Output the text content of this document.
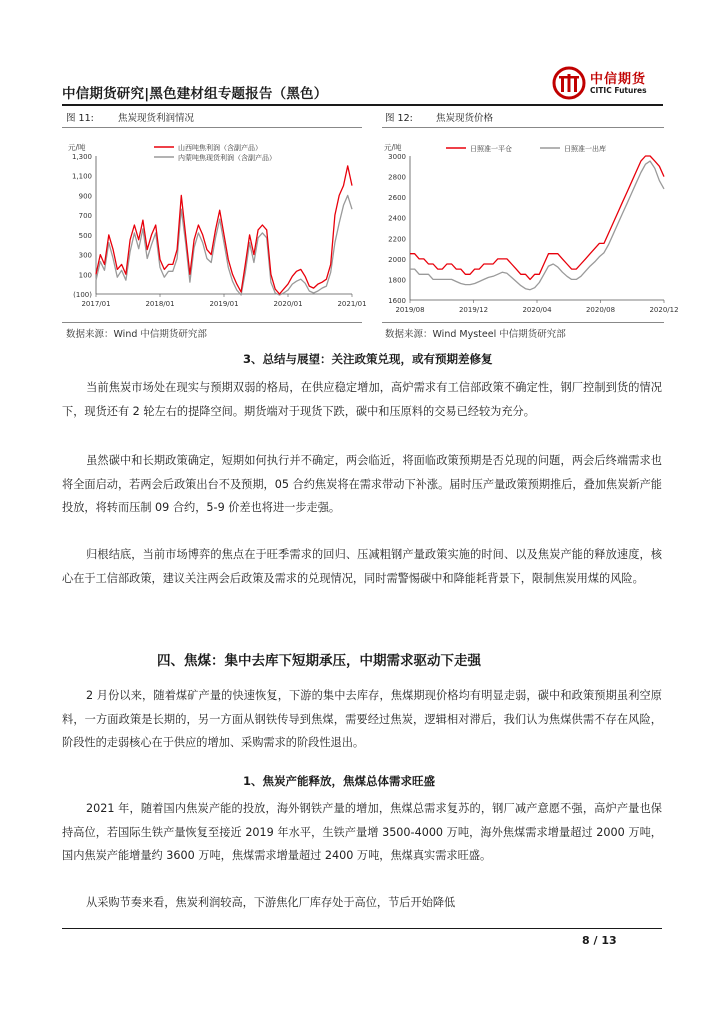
中信期货研究|黑色建材组专题报告（黑色）
中信期货
CITIC Futures
图 11:	焦炭现货利润情况	图 12: 焦炭现货价格
元/吨	山西吨焦利润（含副产品）
内蒙吨焦现货利润（含副产品）
1,300
1,100
900
700
500
300
100
(100)
2017/01	2018/01	2019/01	2020/01	2021/01
元/吨	日照准一平仓	日照准一出库
3000
2800
2600
2400
2200
2000
1800
1600
2019/08	2019/12	2020/04	2020/08	2020/12
数据来源：Wind 中信期货研究部	数据来源：Wind Mysteel 中信期货研究部
3、总结与展望：关注政策兑现，或有预期差修复
当前焦炭市场处在现实与预期双弱的格局，在供应稳定增加，高炉需求有工信部政策不确定性，钢厂控制到货的情况下，现货还有 2 轮左右的提降空间。期货端对于现货下跌，碳中和压原料的交易已经较为充分。
虽然碳中和长期政策确定，短期如何执行并不确定，两会临近，将面临政策预期是否兑现的问题，两会后终端需求也将全面启动，若两会后政策出台不及预期，05 合约焦炭将在需求带动下补涨。届时压产量政策预期推后，叠加焦炭新产能投放，将转而压制 09 合约，5-9 价差也将进一步走强。
归根结底，当前市场博弈的焦点在于旺季需求的回归、压减粗钢产量政策实施的时间、以及焦炭产能的释放速度，核心在于工信部政策，建议关注两会后政策及需求的兑现情况，同时需警惕碳中和降能耗背景下，限制焦炭用煤的风险。
四、焦煤：集中去库下短期承压，中期需求驱动下走强
2 月份以来，随着煤矿产量的快速恢复，下游的集中去库存，焦煤期现价格均有明显走弱，碳中和政策预期虽利空原料，一方面政策是长期的，另一方面从钢铁传导到焦煤，需要经过焦炭，逻辑相对滞后，我们认为焦煤供需不存在风险，阶段性的走弱核心在于供应的增加、采购需求的阶段性退出。
1、焦炭产能释放，焦煤总体需求旺盛
2021 年，随着国内焦炭产能的投放，海外钢铁产量的增加，焦煤总需求复苏的，钢厂减产意愿不强，高炉产量也保持高位，若国际生铁产量恢复至接近 2019 年水平，生铁产量增 3500-4000 万吨，海外焦煤需求增量超过 2000 万吨，国内焦炭产能增量约 3600 万吨，焦煤需求增量超过 2400 万吨，焦煤真实需求旺盛。
从采购节奏来看，焦炭利润较高，下游焦化厂库存处于高位，节后开始降低
8 / 13
